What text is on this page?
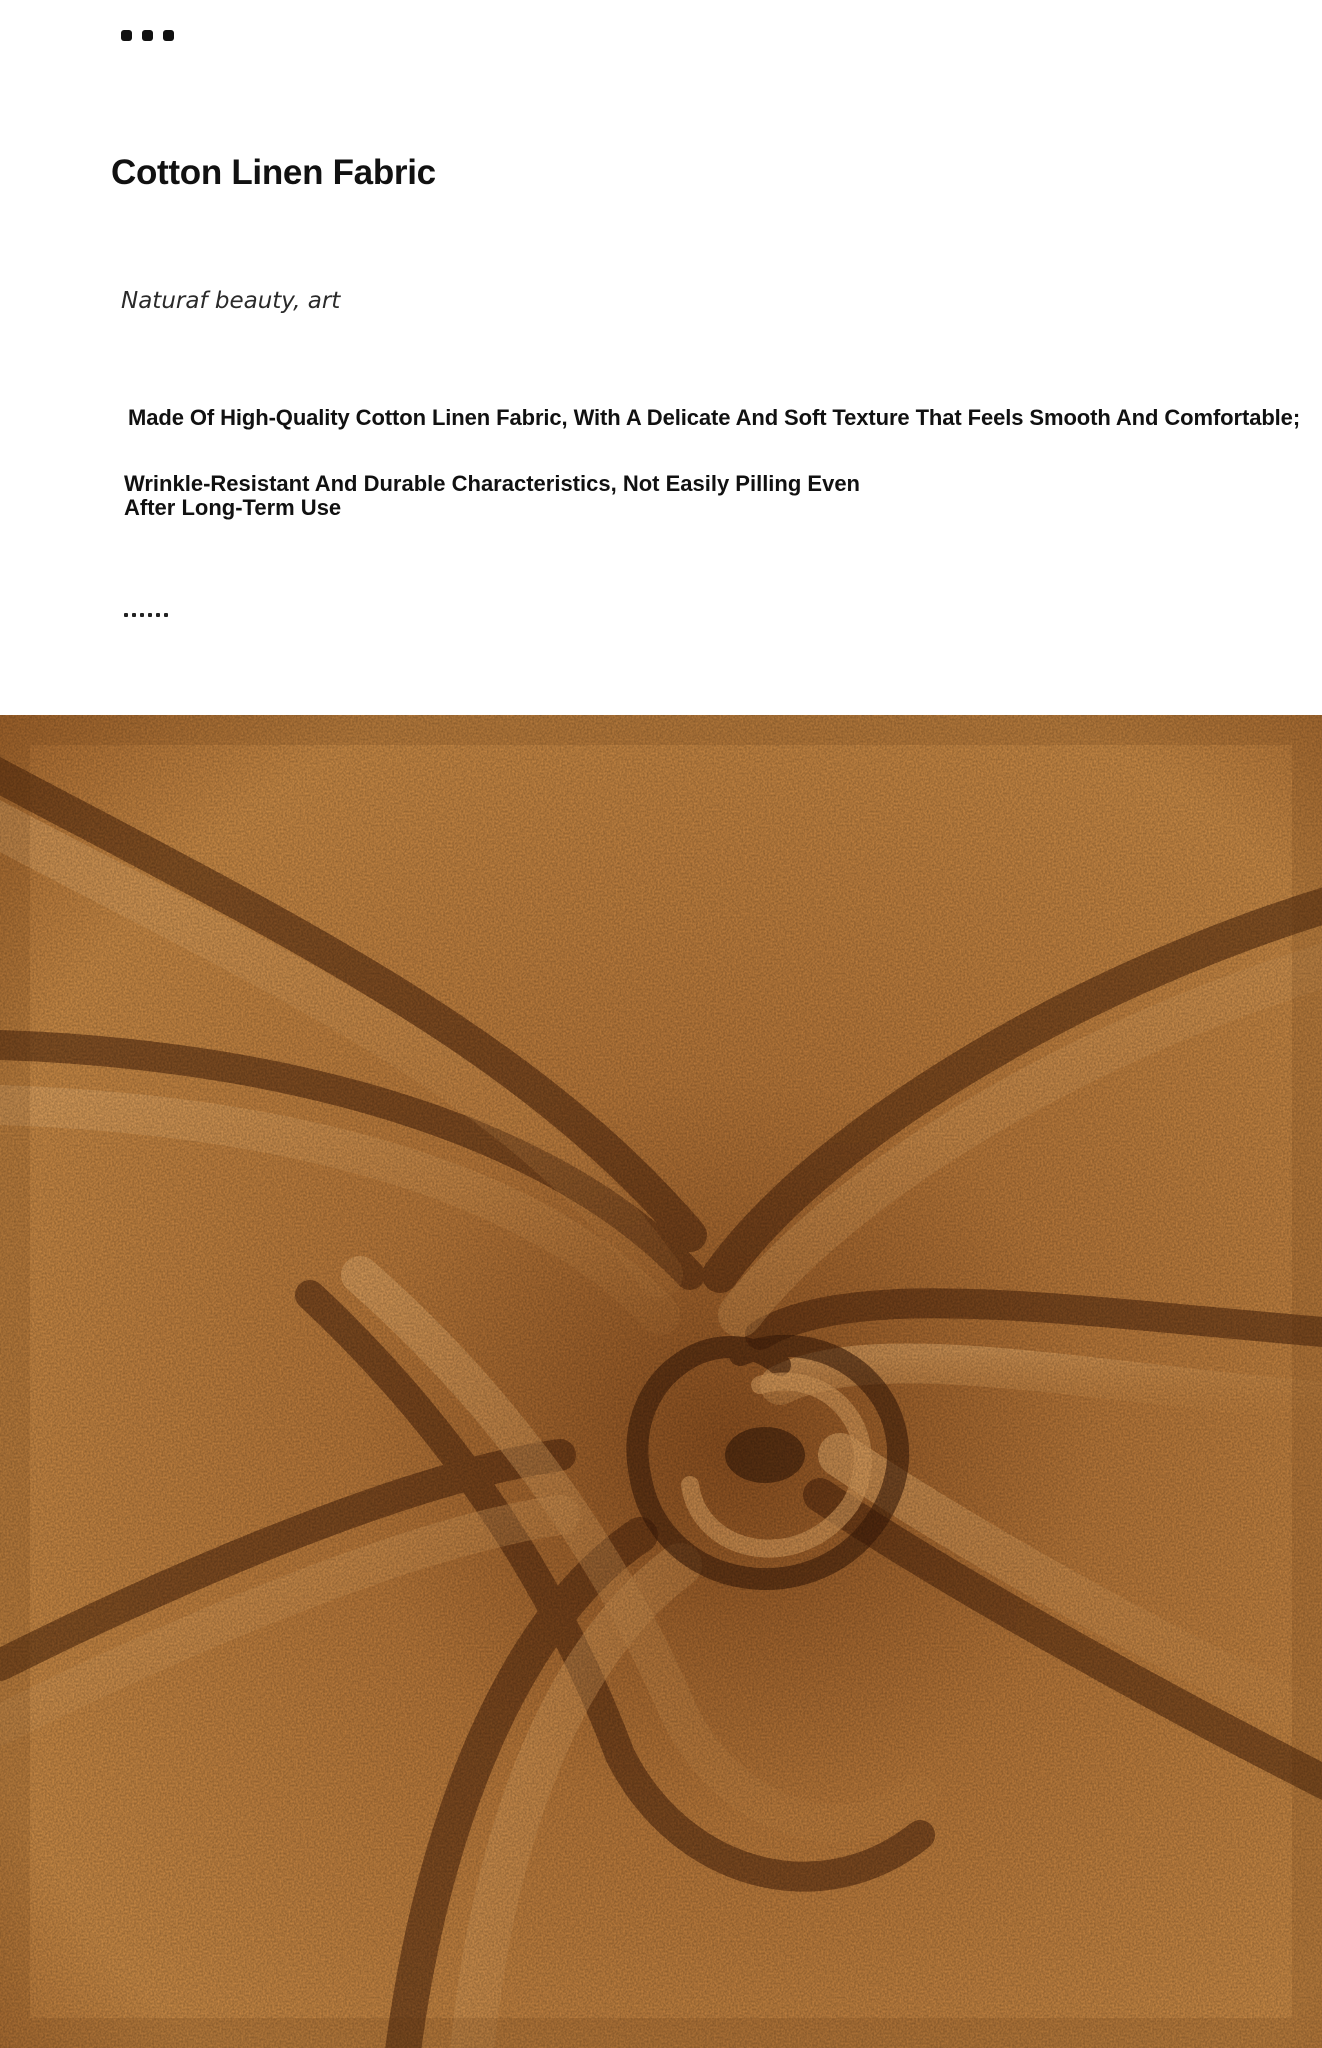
Cotton Linen Fabric
Naturaf beauty, art
Made Of High-Quality Cotton Linen Fabric, With A Delicate And Soft Texture That Feels Smooth And Comfortable;
Wrinkle-Resistant And Durable Characteristics, Not Easily Pilling Even After Long-Term Use
